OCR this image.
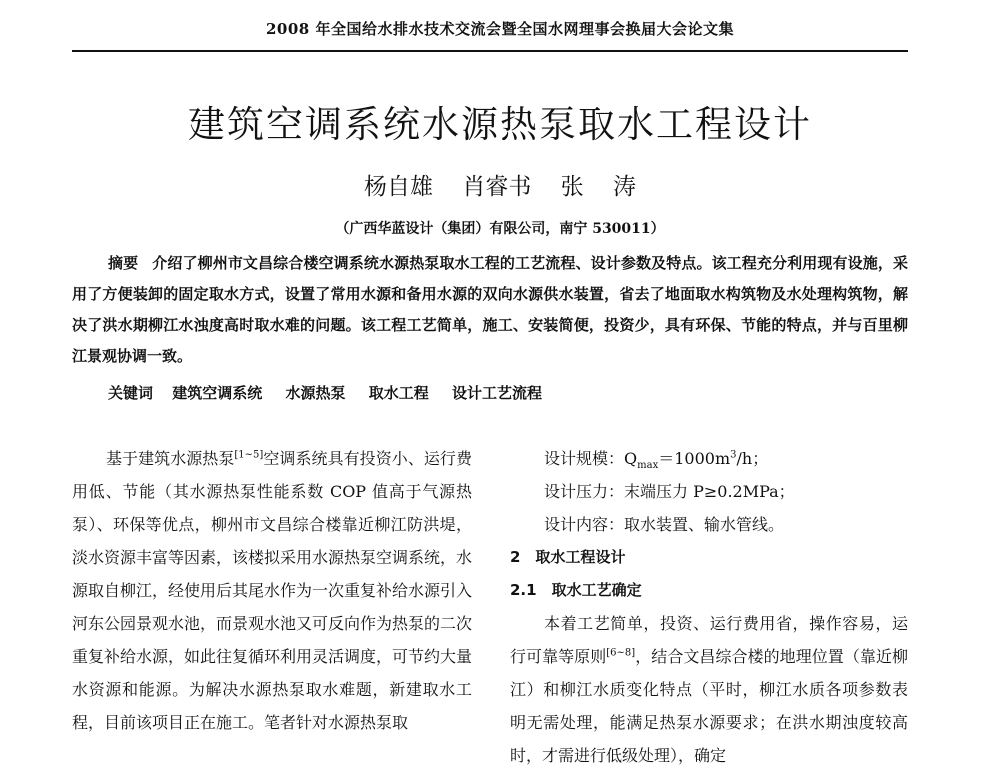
2008 年全国给水排水技术交流会暨全国水网理事会换届大会论文集
建筑空调系统水源热泵取水工程设计
杨自雄 肖睿书 张 涛
（广西华蓝设计（集团）有限公司，南宁 530011）

摘要 介绍了柳州市文昌综合楼空调系统水源热泵取水工程的工艺流程、设计参数及特点。该工程充分利用现有设施，采用了方便装卸的固定取水方式，设置了常用水源和备用水源的双向水源供水装置，省去了地面取水构筑物及水处理构筑物，解决了洪水期柳江水浊度高时取水难的问题。该工程工艺简单，施工、安装简便，投资少，具有环保、节能的特点，并与百里柳江景观协调一致。

关键词 建筑空调系统 水源热泵 取水工程 设计工艺流程

基于建筑水源热泵[1~5]空调系统具有投资小、运行费用低、节能（其水源热泵性能系数 COP 值高于气源热泵）、环保等优点，柳州市文昌综合楼靠近柳江防洪堤，淡水资源丰富等因素，该楼拟采用水源热泵空调系统，水源取自柳江，经使用后其尾水作为一次重复补给水源引入河东公园景观水池，而景观水池又可反向作为热泵的二次重复补给水源，如此往复循环利用灵活调度，可节约大量水资源和能源。为解决水源热泵取水难题，新建取水工程，目前该项目正在施工。笔者针对水源热泵取

设计规模：$Q_{max}=1000m^3/h$；

设计压力：末端压力 P≥0.2MPa；

设计内容：取水装置、输水管线。

2　取水工程设计

2.1　取水工艺确定

本着工艺简单，投资、运行费用省，操作容易，运行可靠等原则[6~8]，结合文昌综合楼的地理位置（靠近柳江）和柳江水质变化特点（平时，柳江水质各项参数表明无需处理，能满足热泵水源要求；在洪水期浊度较高时，才需进行低级处理），确定
